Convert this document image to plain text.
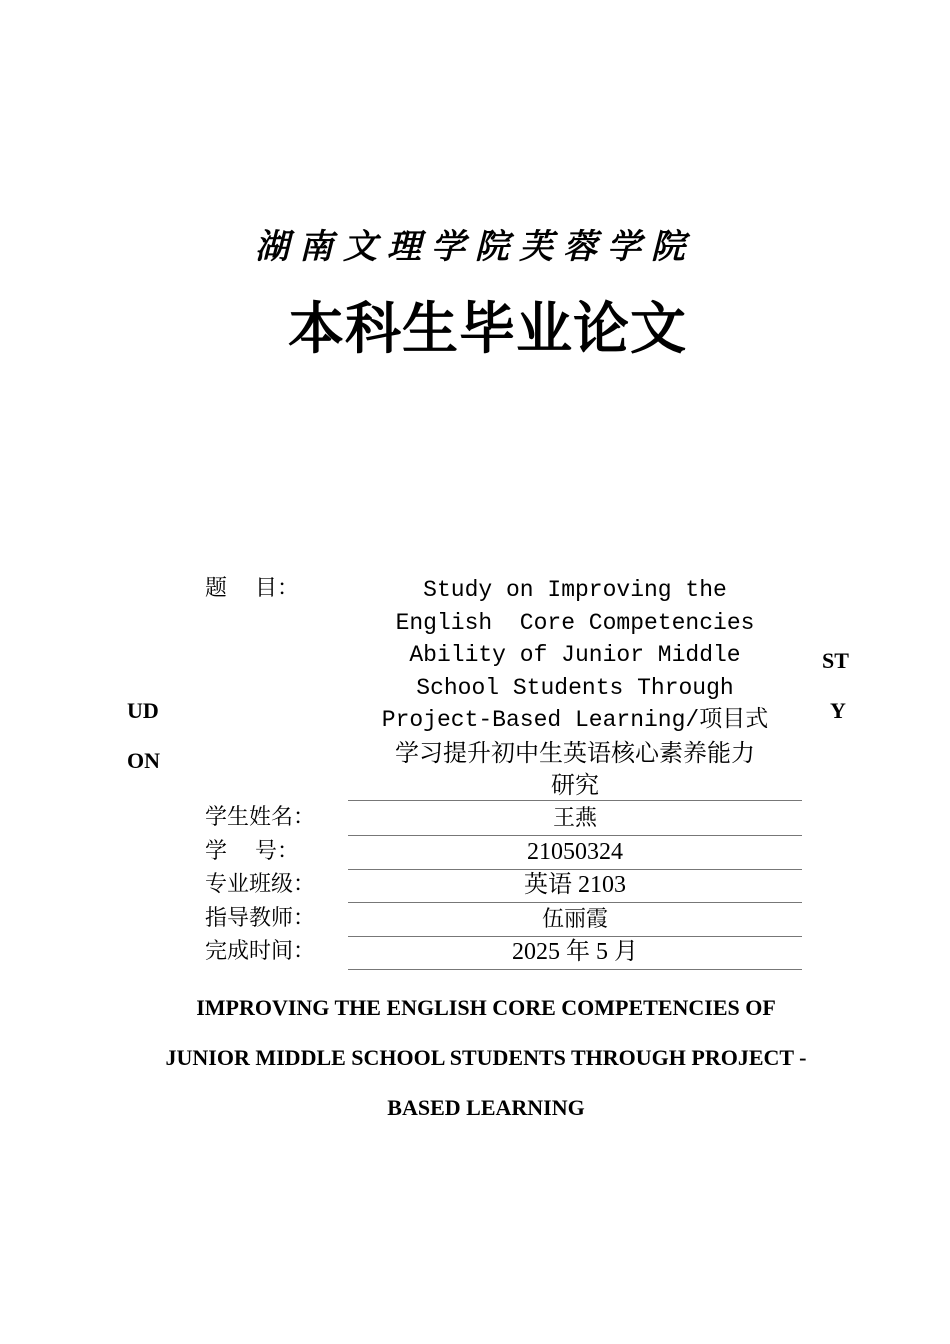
湖南文理学院芙蓉学院
本科生毕业论文
题    目：	Study on Improving the
English  Core Competencies
Ability of Junior Middle
School Students Through
Project-Based Learning/项目式
学习提升初中生英语核心素养能力
研究
UD
ON
ST
Y
学生姓名：	王燕
学    号：	21050324
专业班级：	英语 2103
指导教师：	伍丽霞
完成时间：	2025 年 5 月
IMPROVING THE ENGLISH CORE COMPETENCIES OF
JUNIOR MIDDLE SCHOOL STUDENTS THROUGH PROJECT -
BASED LEARNING
